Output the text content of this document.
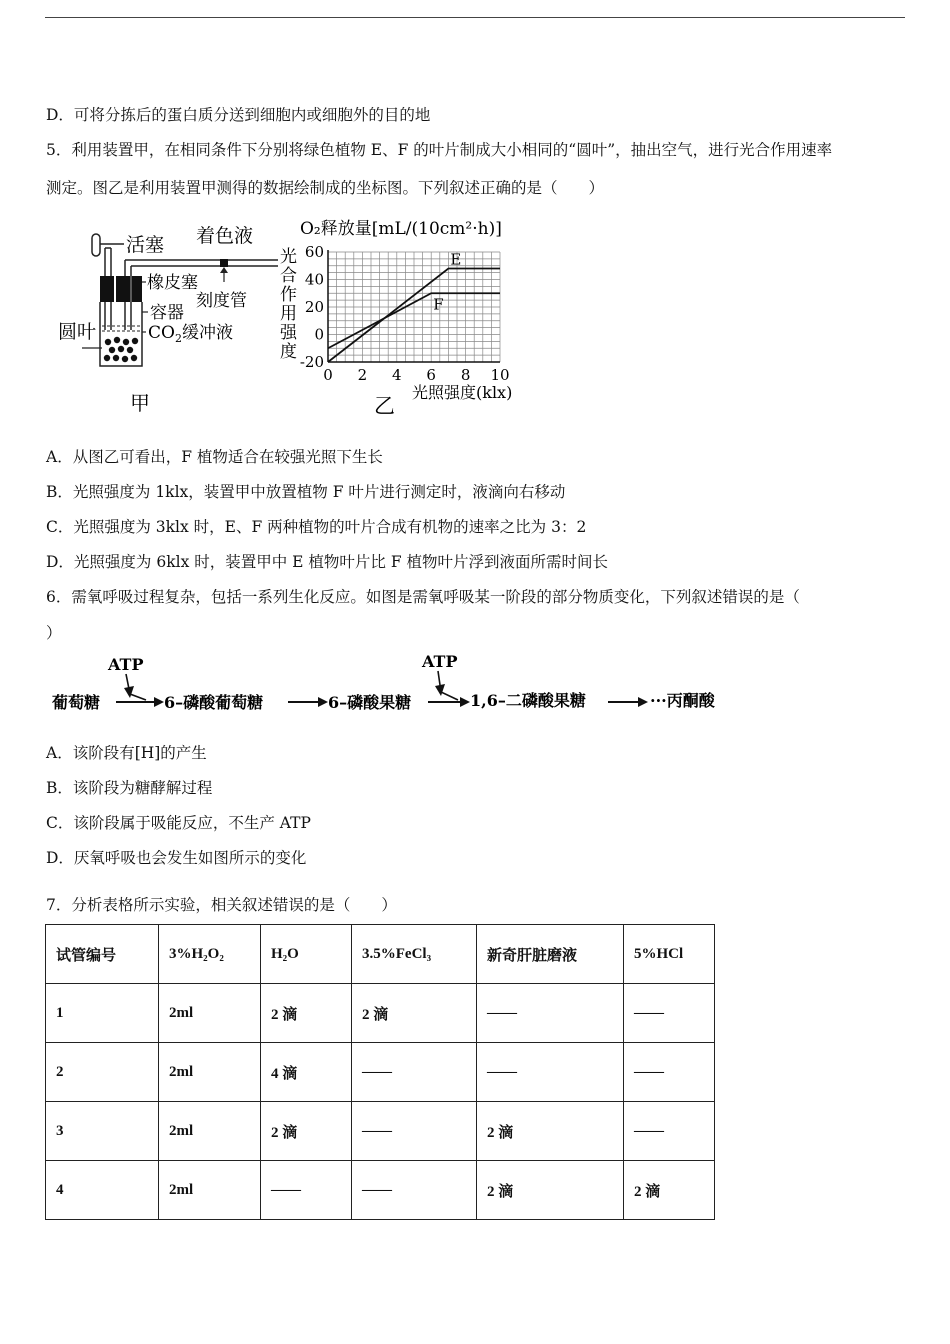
D．可将分拣后的蛋白质分送到细胞内或细胞外的目的地
5．利用装置甲，在相同条件下分别将绿色植物 E、F 的叶片制成大小相同的“圆叶”，抽出空气，进行光合作用速率
测定。图乙是利用装置甲测得的数据绘制成的坐标图。下列叙述正确的是（　　）
活塞 着色液
刻度管
橡皮塞
容器
$CO_2$缓冲液
圆叶
甲
O₂释放量[mL/(10cm²·h)]
光
合
作
用
强
度
0 2 4 6 8 10
60
40
20
0
-20
E
F
光照强度(klx)
乙
A．从图乙可看出，F 植物适合在较强光照下生长
B．光照强度为 1klx，装置甲中放置植物 F 叶片进行测定时，液滴向右移动
C．光照强度为 3klx 时，E、F 两种植物的叶片合成有机物的速率之比为 3：2
D．光照强度为 6klx 时，装置甲中 E 植物叶片比 F 植物叶片浮到液面所需时间长
6．需氧呼吸过程复杂，包括一系列生化反应。如图是需氧呼吸某一阶段的部分物质变化，下列叙述错误的是（
）
葡萄糖
ATP
6–磷酸葡萄糖	6–磷酸果糖
ATP
1,6–二磷酸果糖	···丙酮酸
A．该阶段有[H]的产生
B．该阶段为糖酵解过程
C．该阶段属于吸能反应，不生产 ATP
D．厌氧呼吸也会发生如图所示的变化
7．分析表格所示实验，相关叙述错误的是（　　）
试管编号	3%H₂O₂	H₂O	3.5%FeCl₃	新奇肝脏磨液	5%HCl
1	2ml	2 滴	2 滴	——	——
2	2ml	4 滴	——	——	——
3	2ml	2 滴	——	2 滴	——
4	2ml	——	——	2 滴	2 滴
